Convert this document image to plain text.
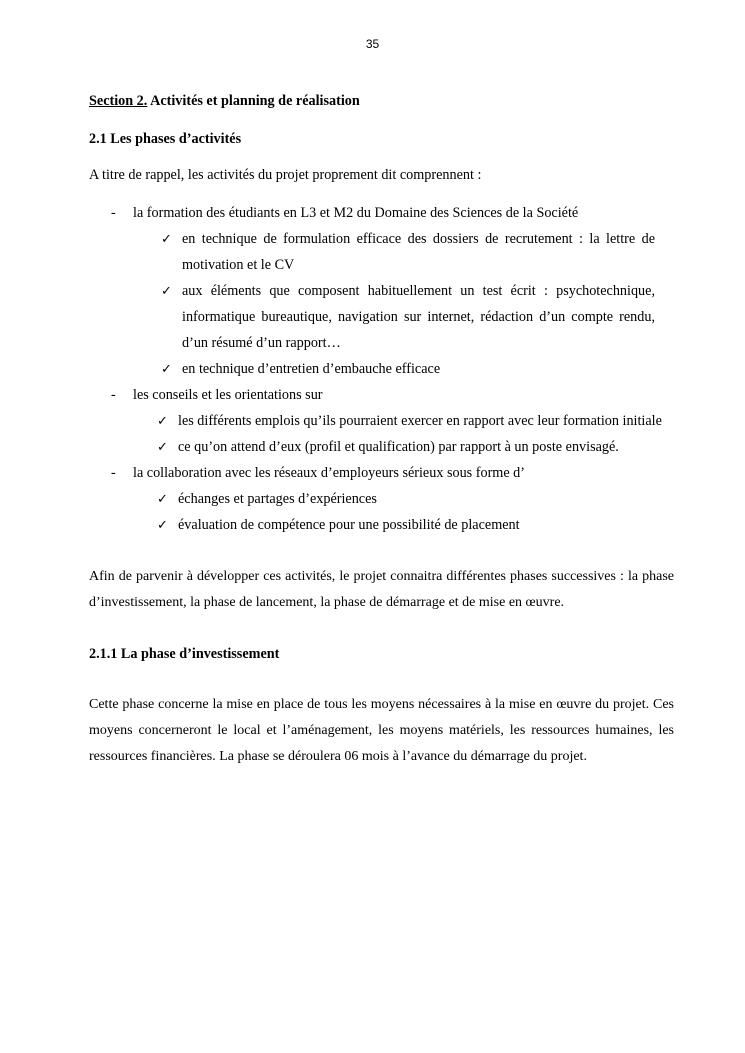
35

Section 2. Activités et planning de réalisation

2.1 Les phases d’activités

A titre de rappel, les activités du projet proprement dit comprennent :

- la formation des étudiants en L3 et M2 du Domaine des Sciences de la Société
✓ en technique de formulation efficace des dossiers de recrutement : la lettre de motivation et le CV
✓ aux éléments que composent habituellement un test écrit : psychotechnique, informatique bureautique, navigation sur internet, rédaction d’un compte rendu, d’un résumé d’un rapport…
✓ en technique d’entretien d’embauche efficace
- les conseils et les orientations sur
✓ les différents emplois qu’ils pourraient exercer en rapport avec leur formation initiale
✓ ce qu’on attend d’eux (profil et qualification) par rapport à un poste envisagé.
- la collaboration avec les réseaux d’employeurs sérieux sous forme d’
✓ échanges et partages d’expériences
✓ évaluation de compétence pour une possibilité de placement

Afin de parvenir à développer ces activités, le projet connaitra différentes phases successives : la phase d’investissement, la phase de lancement, la phase de démarrage et de mise en œuvre.

2.1.1 La phase d’investissement

Cette phase concerne la mise en place de tous les moyens nécessaires à la mise en œuvre du projet. Ces moyens concerneront le local et l’aménagement, les moyens matériels, les ressources humaines, les ressources financières. La phase se déroulera 06 mois à l’avance du démarrage du projet.
